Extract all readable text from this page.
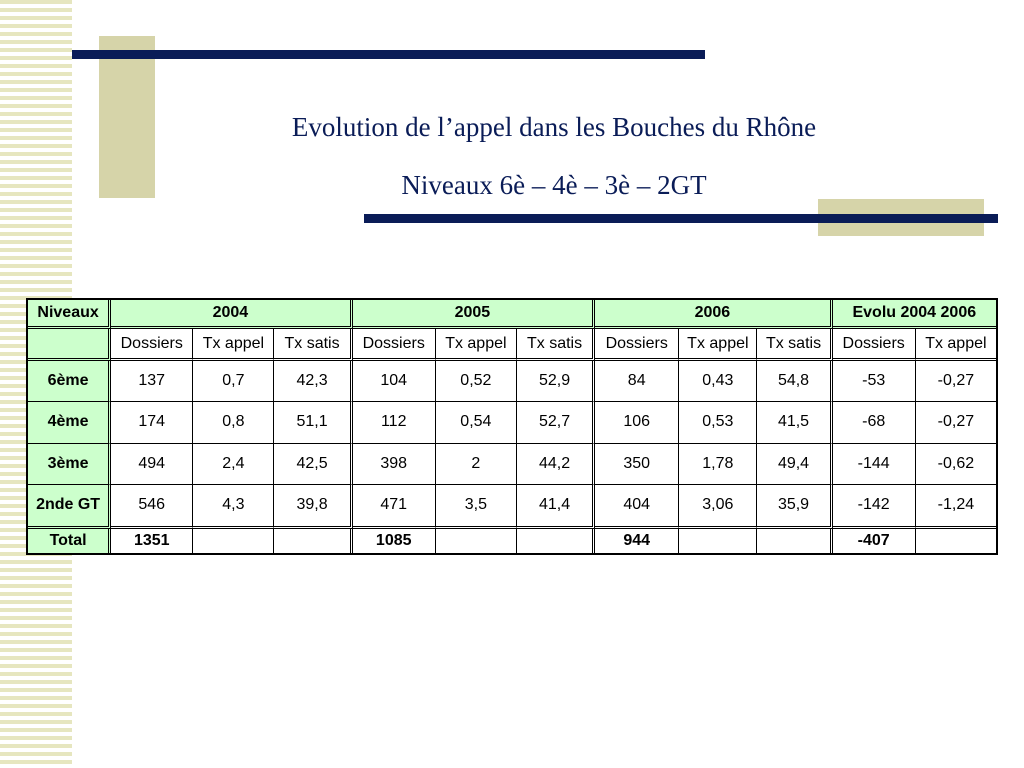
Evolution de l’appel dans les Bouches du Rhône
Niveaux 6è – 4è – 3è – 2GT
Niveaux	2004			2005			2006			Evolu 2004 2006	
	Dossiers	Tx appel	Tx satis	Dossiers	Tx appel	Tx satis	Dossiers	Tx appel	Tx satis	Dossiers	Tx appel
6ème	137	0,7	42,3	104	0,52	52,9	84	0,43	54,8	-53	-0,27
4ème	174	0,8	51,1	112	0,54	52,7	106	0,53	41,5	-68	-0,27
3ème	494	2,4	42,5	398	2	44,2	350	1,78	49,4	-144	-0,62
2nde GT	546	4,3	39,8	471	3,5	41,4	404	3,06	35,9	-142	-1,24
Total	1351			1085			944			-407	
